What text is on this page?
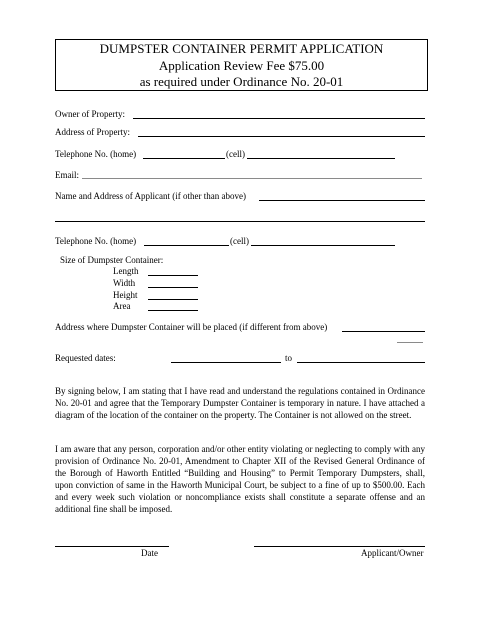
DUMPSTER CONTAINER PERMIT APPLICATION
Application Review Fee $75.00
as required under Ordinance No. 20-01
Owner of Property:
Address of Property:
Telephone No. (home)	(cell)
Email:
Name and Address of Applicant (if other than above)
Telephone No. (home)	(cell)
Size of Dumpster Container:
Length
Width
Height
Area
Address where Dumpster Container will be placed (if different from above)
Requested dates:	to
By signing below, I am stating that I have read and understand the regulations contained in Ordinance No. 20-01 and agree that the Temporary Dumpster Container is temporary in nature. I have attached a diagram of the location of the container on the property. The Container is not allowed on the street.
I am aware that any person, corporation and/or other entity violating or neglecting to comply with any provision of Ordinance No. 20-01, Amendment to Chapter XII of the Revised General Ordinance of the Borough of Haworth Entitled “Building and Housing” to Permit Temporary Dumpsters, shall, upon conviction of same in the Haworth Municipal Court, be subject to a fine of up to $500.00. Each and every week such violation or noncompliance exists shall constitute a separate offense and an additional fine shall be imposed.
Date	Applicant/Owner
